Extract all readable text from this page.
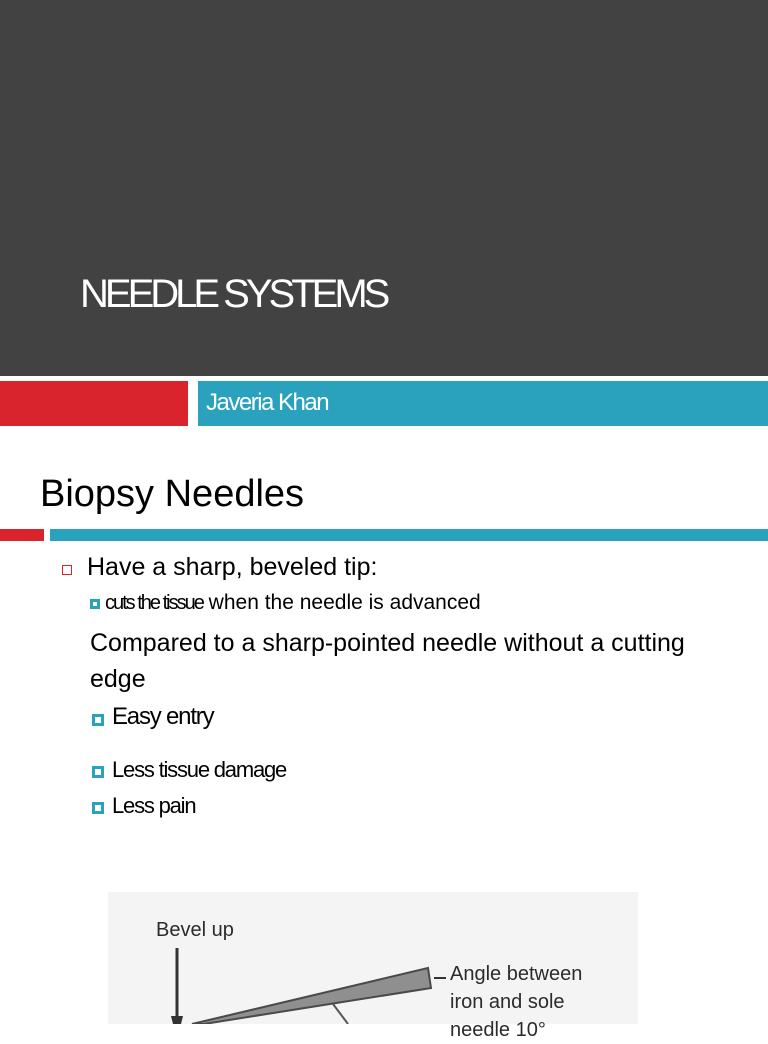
NEEDLE SYSTEMS
Javeria Khan
Biopsy Needles
Have a sharp, beveled tip:
cuts the tissue when the needle is advanced
Compared to a sharp-pointed needle without a cutting edge
Easy entry
Less tissue damage
Less pain
Bevel up
Angle between
iron and sole
needle 10°
